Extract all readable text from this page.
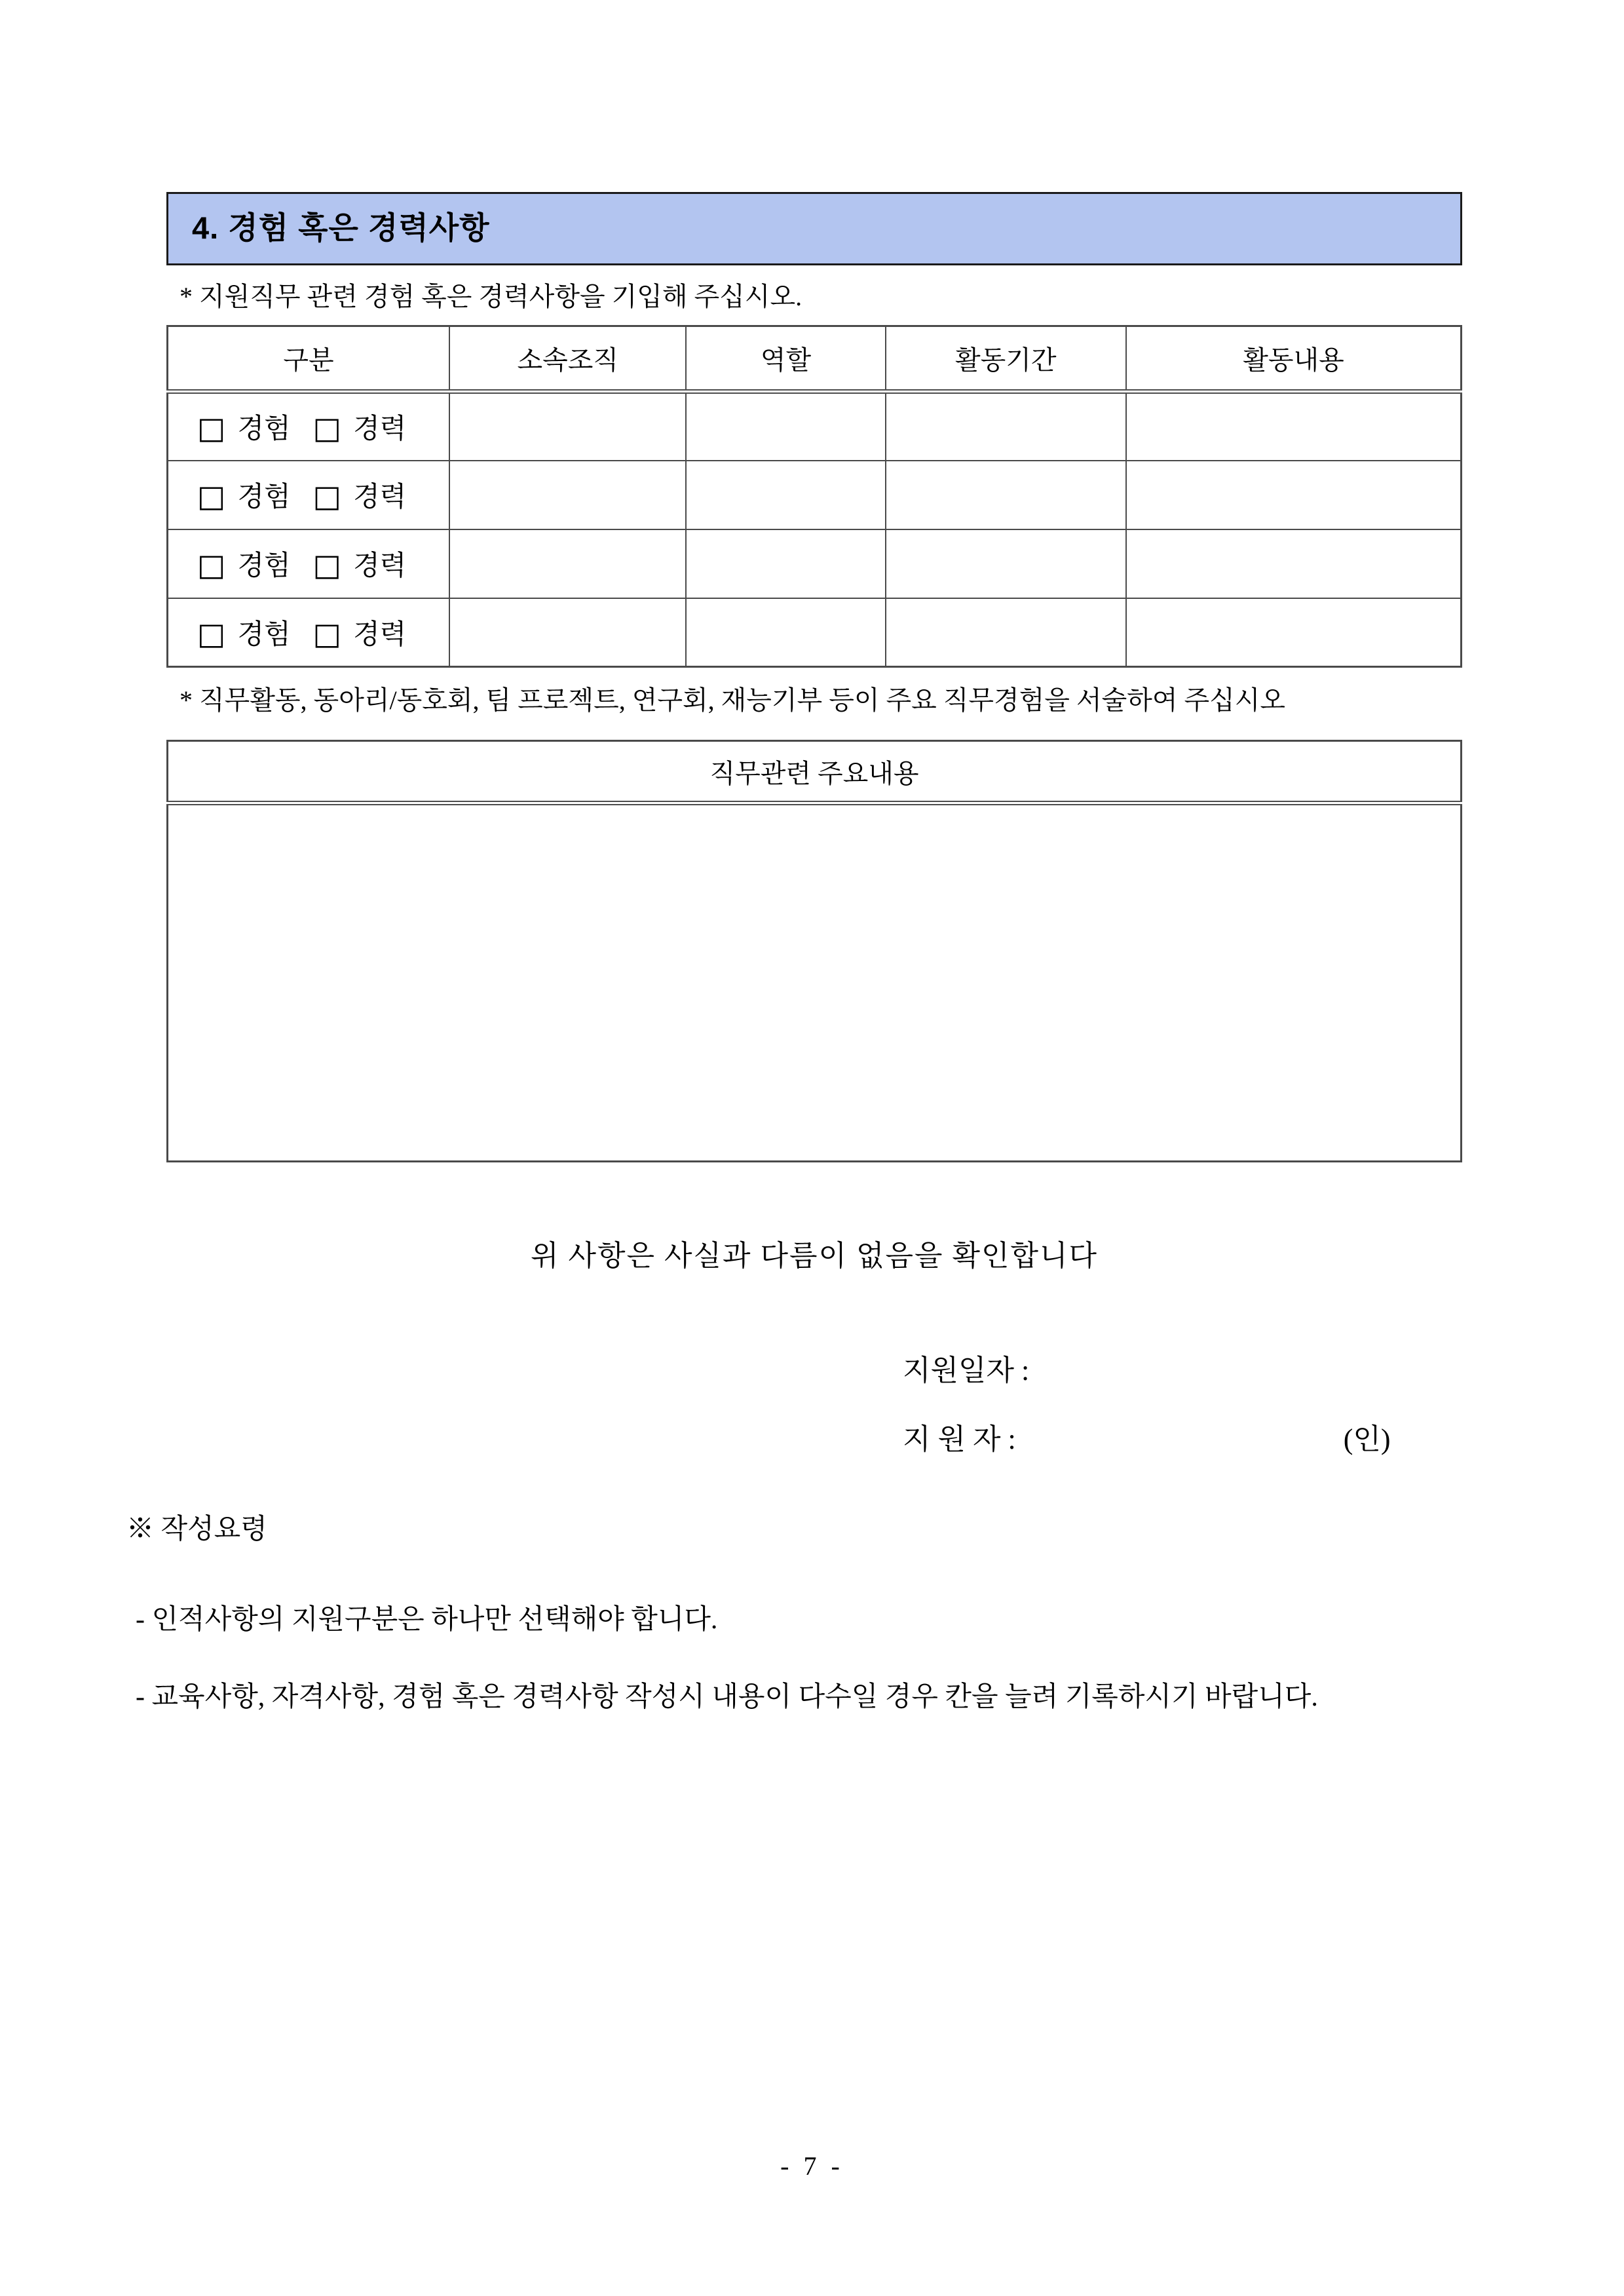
4. 경험 혹은 경력사항

* 지원직무 관련 경험 혹은 경력사항을 기입해 주십시오.

구분	소속조직	역할	활동기간	활동내용
□ 경험 □ 경력				
□ 경험 □ 경력				
□ 경험 □ 경력				
□ 경험 □ 경력				

* 직무활동, 동아리/동호회, 팀 프로젝트, 연구회, 재능기부 등이 주요 직무경험을 서술하여 주십시오

직무관련 주요내용

위 사항은 사실과 다름이 없음을 확인합니다

지원일자 :

지 원 자 :	(인)

※ 작성요령

- 인적사항의 지원구분은 하나만 선택해야 합니다.

- 교육사항, 자격사항, 경험 혹은 경력사항 작성시 내용이 다수일 경우 칸을 늘려 기록하시기 바랍니다.

- 7 -
